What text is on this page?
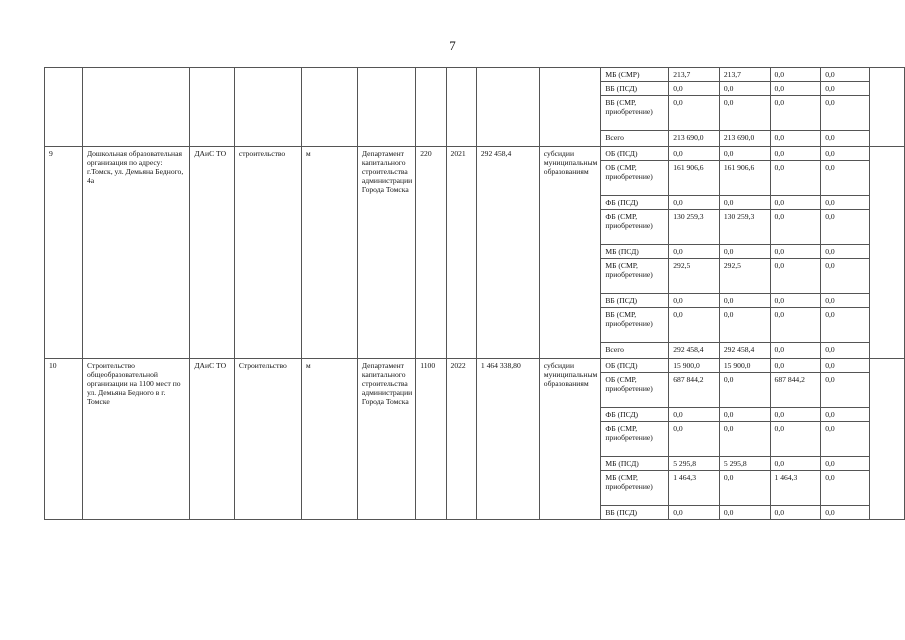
7
										МБ (СМР)	213,7	213,7	0,0	0,0	
										ВБ (ПСД)	0,0	0,0	0,0	0,0	
										ВБ (СМР, приобретение)	0,0	0,0	0,0	0,0	
										Всего	213 690,0	213 690,0	0,0	0,0	
9	Дошкольная образовательная организация по адресу: г.Томск, ул. Демьяна Бедного, 4а	ДАиС ТО	строительство	м	Департамент капитального строительства администрации Города Томска	220	2021	292 458,4	субсидии муниципальным образованиям	ОБ (ПСД)	0,0	0,0	0,0	0,0	
										ОБ (СМР, приобретение)	161 906,6	161 906,6	0,0	0,0	
										ФБ (ПСД)	0,0	0,0	0,0	0,0	
										ФБ (СМР, приобретение)	130 259,3	130 259,3	0,0	0,0	
										МБ (ПСД)	0,0	0,0	0,0	0,0	
										МБ (СМР, приобретение)	292,5	292,5	0,0	0,0	
										ВБ (ПСД)	0,0	0,0	0,0	0,0	
										ВБ (СМР, приобретение)	0,0	0,0	0,0	0,0	
										Всего	292 458,4	292 458,4	0,0	0,0	
10	Строительство общеобразовательной организации на 1100 мест по ул. Демьяна Бедного в г. Томске	ДАиС ТО	Строительство	м	Департамент капитального строительства администрации Города Томска	1100	2022	1 464 338,80	субсидии муниципальным образованиям	ОБ (ПСД)	15 900,0	15 900,0	0,0	0,0	
										ОБ (СМР, приобретение)	687 844,2	0,0	687 844,2	0,0	
										ФБ (ПСД)	0,0	0,0	0,0	0,0	
										ФБ (СМР, приобретение)	0,0	0,0	0,0	0,0	
										МБ (ПСД)	5 295,8	5 295,8	0,0	0,0	
										МБ (СМР, приобретение)	1 464,3	0,0	1 464,3	0,0	
										ВБ (ПСД)	0,0	0,0	0,0	0,0	
